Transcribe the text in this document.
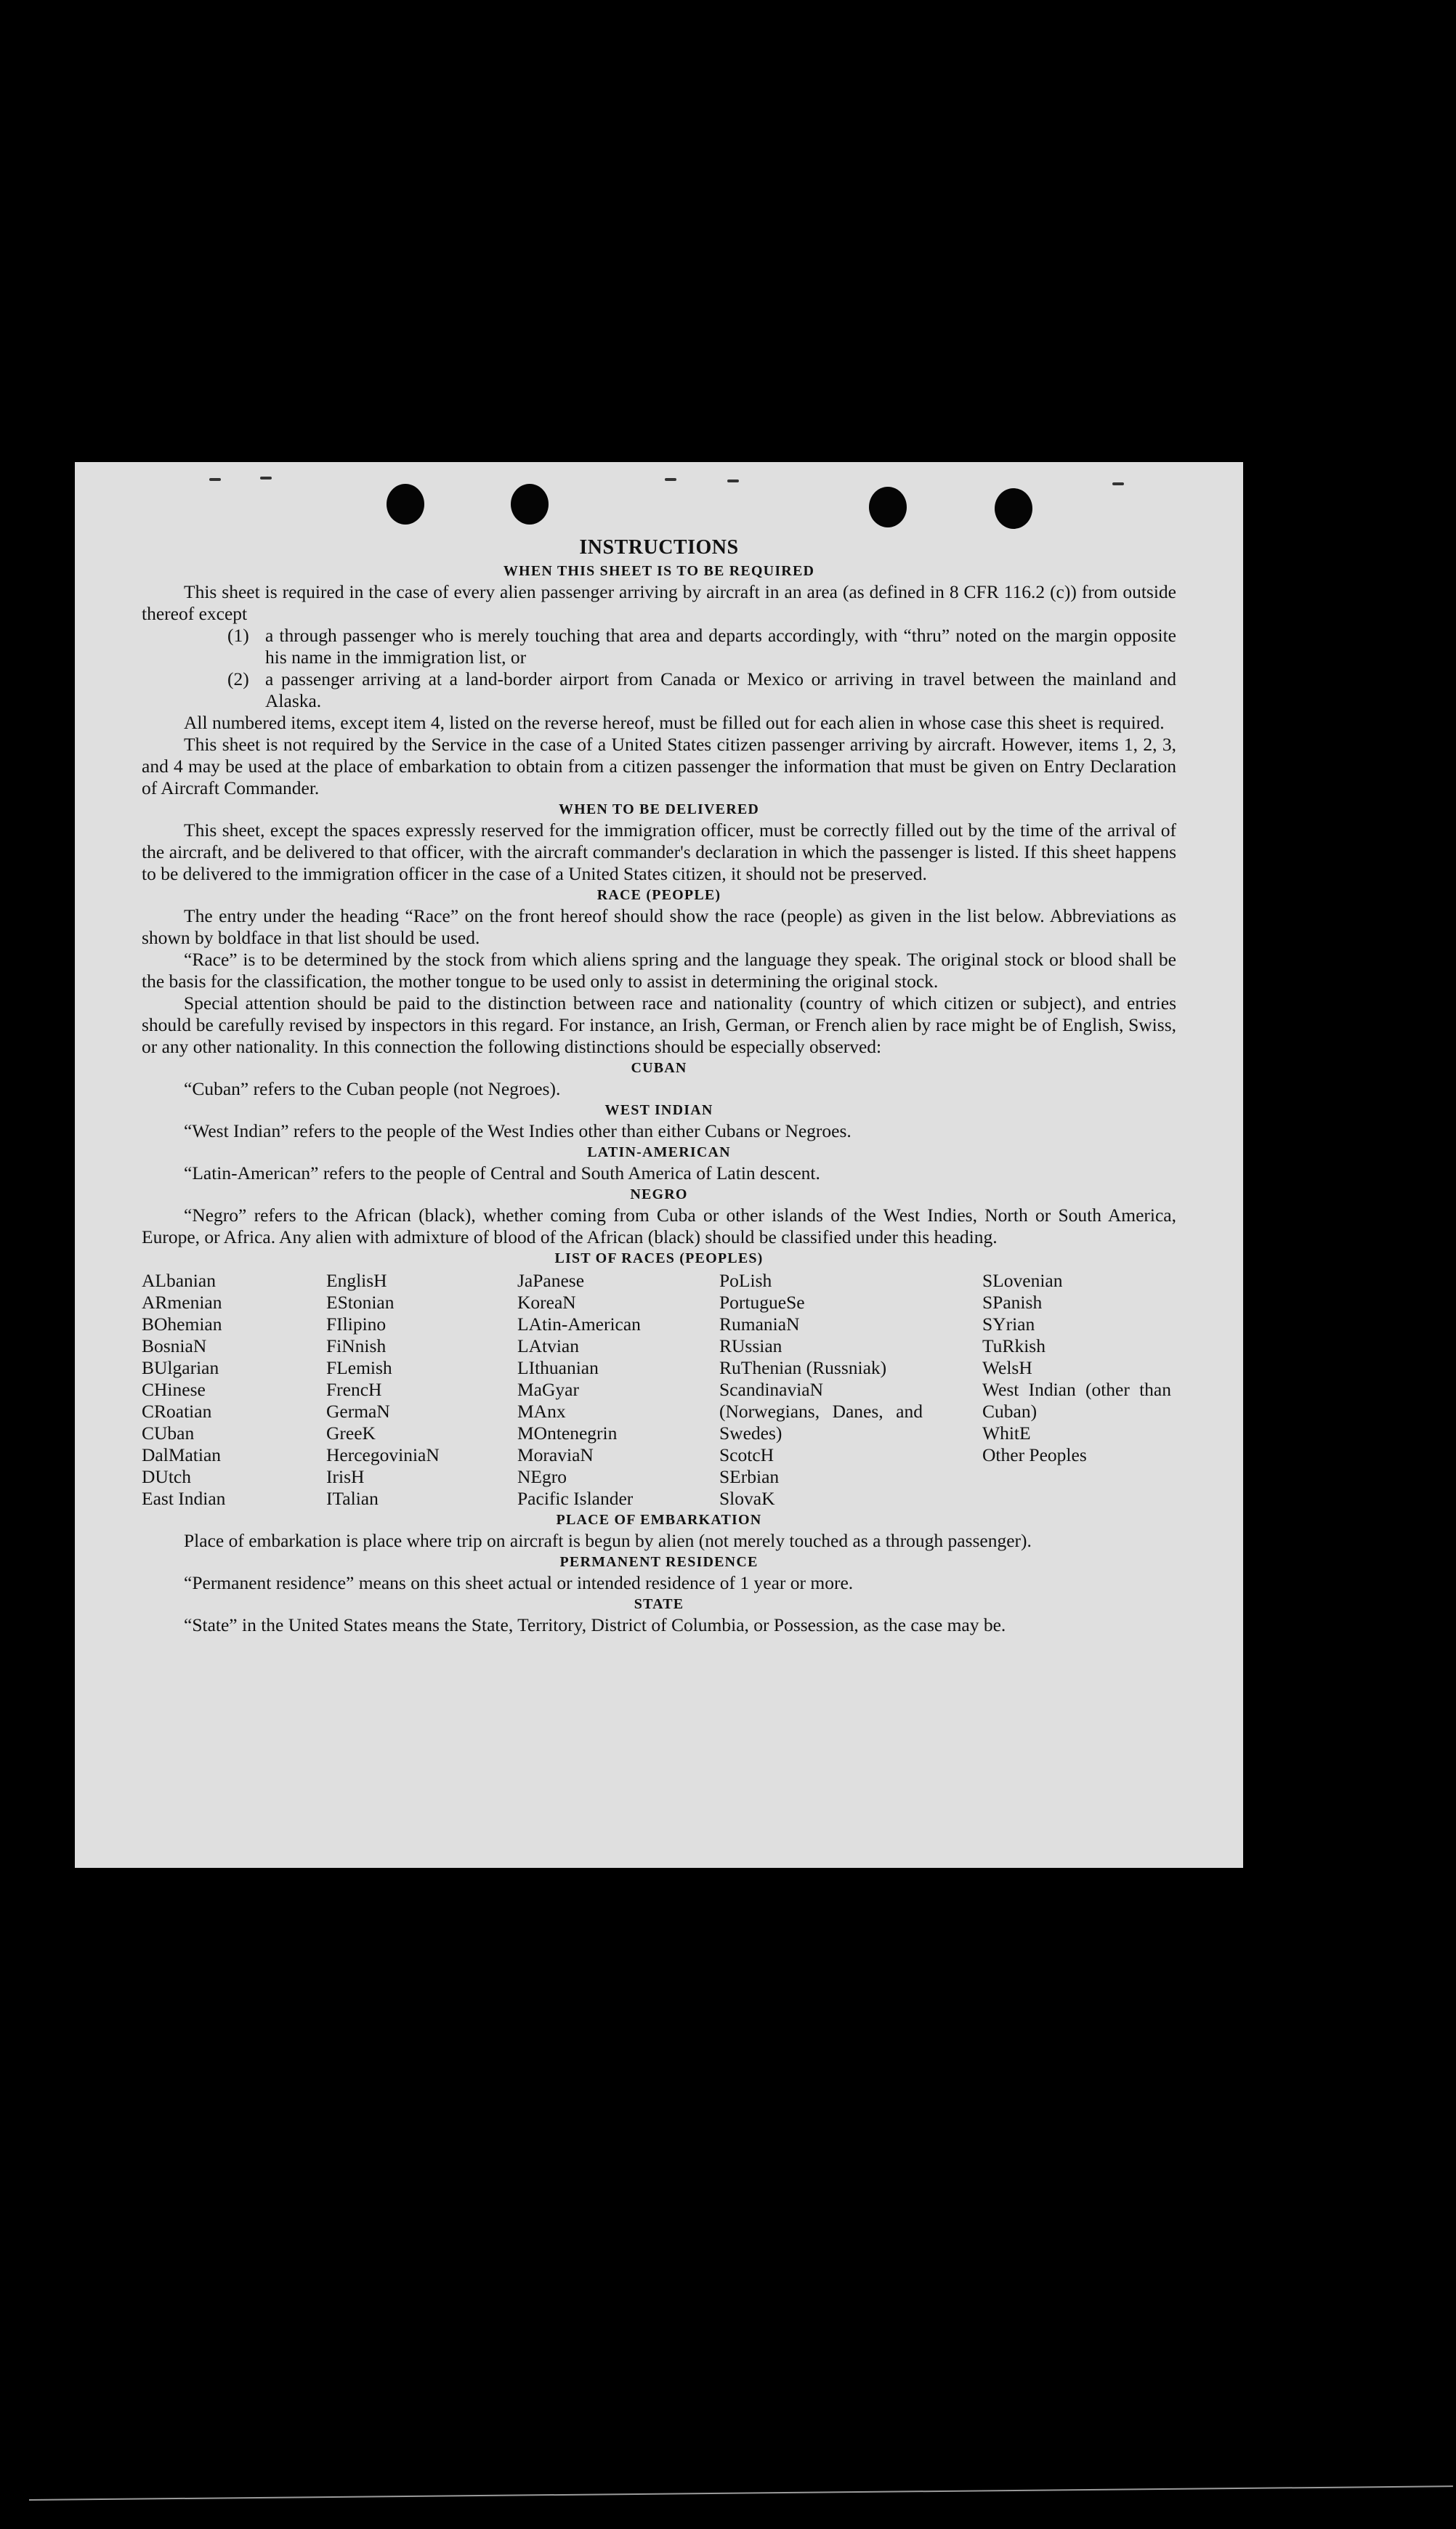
INSTRUCTIONS
WHEN THIS SHEET IS TO BE REQUIRED

This sheet is required in the case of every alien passenger arriving by aircraft in an area (as defined in 8 CFR 116.2 (c)) from outside thereof except

(1) a through passenger who is merely touching that area and departs accordingly, with “thru” noted on the margin opposite his name in the immigration list, or
(2) a passenger arriving at a land-border airport from Canada or Mexico or arriving in travel between the mainland and Alaska.

All numbered items, except item 4, listed on the reverse hereof, must be filled out for each alien in whose case this sheet is required.

This sheet is not required by the Service in the case of a United States citizen passenger arriving by aircraft. However, items 1, 2, 3, and 4 may be used at the place of embarkation to obtain from a citizen passenger the information that must be given on Entry Declaration of Aircraft Commander.

WHEN TO BE DELIVERED

This sheet, except the spaces expressly reserved for the immigration officer, must be correctly filled out by the time of the arrival of the aircraft, and be delivered to that officer, with the aircraft commander's declaration in which the passenger is listed. If this sheet happens to be delivered to the immigration officer in the case of a United States citizen, it should not be preserved.

RACE (PEOPLE)

The entry under the heading “Race” on the front hereof should show the race (people) as given in the list below. Abbreviations as shown by boldface in that list should be used.

“Race” is to be determined by the stock from which aliens spring and the language they speak. The original stock or blood shall be the basis for the classification, the mother tongue to be used only to assist in determining the original stock.

Special attention should be paid to the distinction between race and nationality (country of which citizen or subject), and entries should be carefully revised by inspectors in this regard. For instance, an Irish, German, or French alien by race might be of English, Swiss, or any other nationality. In this connection the following distinctions should be especially observed:

CUBAN

“Cuban” refers to the Cuban people (not Negroes).

WEST INDIAN

“West Indian” refers to the people of the West Indies other than either Cubans or Negroes.

LATIN-AMERICAN

“Latin-American” refers to the people of Central and South America of Latin descent.

NEGRO

“Negro” refers to the African (black), whether coming from Cuba or other islands of the West Indies, North or South America, Europe, or Africa. Any alien with admixture of blood of the African (black) should be classified under this heading.

LIST OF RACES (PEOPLES)
ALbanian
ARmenian
BOhemian
BosniaN
BUlgarian
CHinese
CRoatian
CUban
DalMatian
DUtch
East Indian
EnglisH
EStonian
FIlipino
FiNnish
FLemish
FrencH
GermaN
GreeK
HercegoviniaN
IrisH
ITalian
JaPanese
KoreaN
LAtin-American
LAtvian
LIthuanian
MaGyar
MAnx
MOntenegrin
MoraviaN
NEgro
Pacific Islander
PoLish
PortugueSe
RumaniaN
RUssian
RuThenian (Russniak)
ScandinaviaN (Norwegians, Danes, and Swedes)
ScotcH
SErbian
SlovaK
SLovenian
SPanish
SYrian
TuRkish
WelsH
West Indian (other than Cuban)
WhitE
Other Peoples
PLACE OF EMBARKATION

Place of embarkation is place where trip on aircraft is begun by alien (not merely touched as a through passenger).

PERMANENT RESIDENCE

“Permanent residence” means on this sheet actual or intended residence of 1 year or more.

STATE

“State” in the United States means the State, Territory, District of Columbia, or Possession, as the case may be.
